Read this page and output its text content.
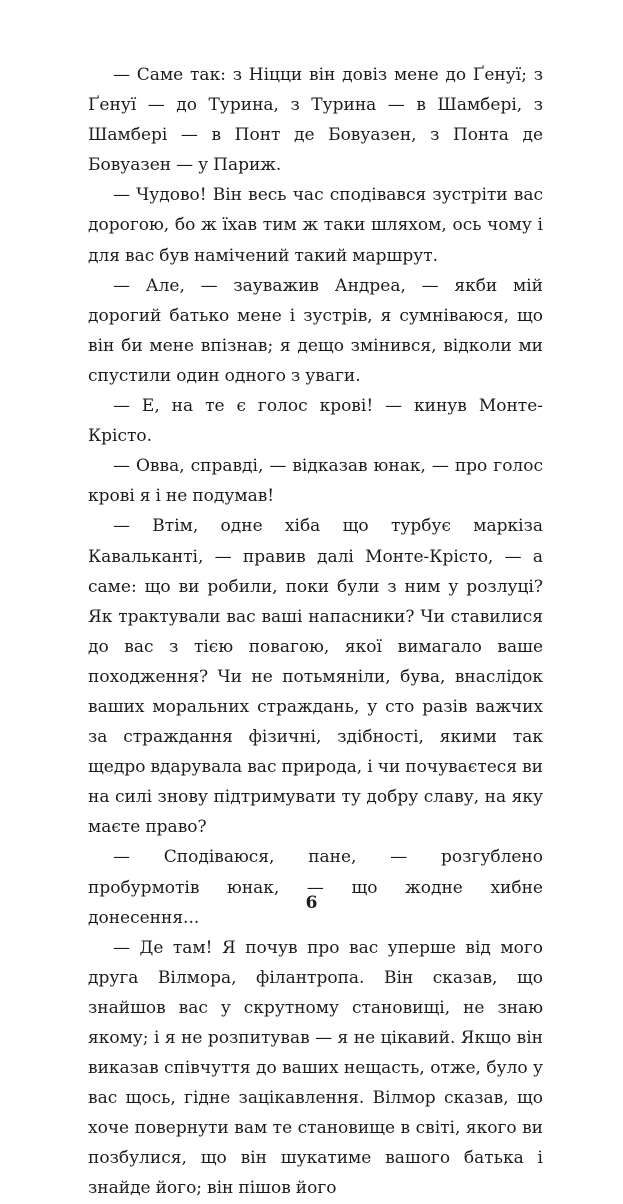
— Саме так: з Ніцци він довіз мене до Ґенуї; з Ґенуї — до Турина, з Турина — в Шамбері, з Шамбері — в Понт де Бовуазен, з Понта де Бовуазен — у Париж.

— Чудово! Він весь час сподівався зустріти вас дорогою, бо ж їхав тим ж таки шляхом, ось чому і для вас був намічений такий маршрут.

— Але, — зауважив Андреа, — якби мій дорогий батько мене і зустрів, я сумніваюся, що він би мене впізнав; я дещо змінився, відколи ми спустили один одного з уваги.

— Е, на те є голос крові! — кинув Монте-Крісто.

— Овва, справді, — відказав юнак, — про голос крові я і не подумав!

— Втім, одне хіба що турбує маркіза Кавальканті, — правив далі Монте-Крісто, — а саме: що ви робили, поки були з ним у розлуці? Як трактували вас ваші напасники? Чи ставилися до вас з тією повагою, якої вимагало ваше походження? Чи не потьмяніли, бува, внаслідок ваших моральних страждань, у сто разів важчих за страждання фізичні, здібності, якими так щедро вдарувала вас природа, і чи почуваєтеся ви на силі знову підтримувати ту добру славу, на яку маєте право?

— Сподіваюся, пане, — розгублено пробурмотів юнак, — що жодне хибне донесення...

— Де там! Я почув про вас уперше від мого друга Вілмора, філантропа. Він сказав, що знайшов вас у скрутному становищі, не знаю якому; і я не розпитував — я не цікавий. Якщо він виказав співчуття до ваших нещасть, отже, було у вас щось, гідне зацікавлення. Вілмор сказав, що хоче повернути вам те становище в світі, якого ви позбулися, що він шукатиме вашого батька і знайде його; він пішов його

6
